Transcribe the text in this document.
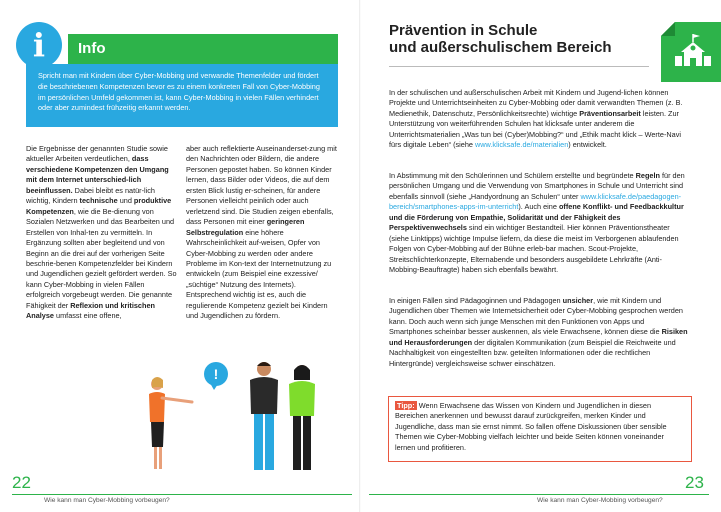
i	Info
Spricht man mit Kindern über Cyber-Mobbing und verwandte Themenfelder und fördert die beschriebenen Kompetenzen bevor es zu einem konkreten Fall von Cyber-Mobbing im persönlichen Umfeld gekommen ist, kann Cyber-Mobbing in vielen Fällen verhindert oder aber zumindest frühzeitig erkannt werden.
Die Ergebnisse der genannten Studie sowie aktueller Arbeiten verdeutlichen, dass verschiedene Kompetenzen den Umgang mit dem Internet unterschied-lich beeinflussen. Dabei bleibt es natür-lich wichtig, Kindern technische und produktive Kompetenzen, wie die Be-dienung von Sozialen Netzwerken und das Bearbeiten und Erstellen von Inhal-ten zu vermitteln. In Ergänzung sollten aber begleitend und von Beginn an die drei auf der vorherigen Seite beschrie-benen Kompetenzfelder bei Kindern und Jugendlichen gezielt gefördert werden. So kann Cyber-Mobbing in vielen Fällen erfolgreich vorgebeugt werden. Die genannte Fähigkeit der Reflexion und kritischen Analyse umfasst eine offene,
aber auch reflektierte Auseinanderset-zung mit den Nachrichten oder Bildern, die andere Personen gepostet haben. So können Kinder lernen, dass Bilder oder Videos, die auf dem ersten Blick lustig er-scheinen, für andere Personen vielleicht peinlich oder auch verletzend sind. Die Studien zeigen ebenfalls, dass Personen mit einer geringeren Selbstregulation eine höhere Wahrscheinlichkeit auf-weisen, Opfer von Cyber-Mobbing zu werden oder andere Probleme im Kon-text der Internetnutzung zu entwickeln (zum Beispiel eine exzessive/„süchtige“ Nutzung des Internets). Entsprechend wichtig ist es, auch die regulierende Kompetenz gezielt bei Kindern und Jugendlichen zu fördern.
!
22
Wie kann man Cyber-Mobbing vorbeugen?
Prävention in Schule
und außerschulischem Bereich
In der schulischen und außerschulischen Arbeit mit Kindern und Jugend-lichen können Projekte und Unterrichtseinheiten zu Cyber-Mobbing oder damit verwandten Themen (z. B. Medienethik, Datenschutz, Persönlichkeitsrechte) wichtige Präventionsarbeit leisten. Zur Unterstützung von weiterführenden Schulen hat klicksafe unter anderem die Unterrichtsmaterialien „Was tun bei (Cyber)Mobbing?“ und „Ethik macht klick – Werte-Navi fürs digitale Leben“ (siehe www.klicksafe.de/materialien) entwickelt.
In Abstimmung mit den Schülerinnen und Schülern erstellte und begründete Regeln für den persönlichen Umgang und die Verwendung von Smartphones in Schule und Unterricht sind ebenfalls sinnvoll (siehe „Handyordnung an Schulen“ unter www.klicksafe.de/paedagogen-bereich/smartphones-apps-im-unterricht). Auch eine offene Konflikt- und Feedbackkultur und die Förderung von Empathie, Solidarität und der Fähigkeit des Perspektivenwechsels sind ein wichtiger Bestandteil. Hier können Präventionstheater (siehe Linktipps) wichtige Impulse liefern, da diese die meist im Verborgenen ablaufenden Folgen von Cyber-Mobbing auf der Bühne erleb-bar machen. Scout-Projekte, Streitschlichterkonzepte, Elternabende und besonders ausgebildete Lehrkräfte (Anti-Mobbing-Beauftragte) haben sich ebenfalls bewährt.
In einigen Fällen sind Pädagoginnen und Pädagogen unsicher, wie mit Kindern und Jugendlichen über Themen wie Internetsicherheit oder Cyber-Mobbing gesprochen werden kann. Doch auch wenn sich junge Menschen mit den Funktionen von Apps und Smartphones scheinbar besser auskennen, als viele Erwachsene, können diese die Risiken und Herausforderungen der digitalen Kommunikation (zum Beispiel die Reichweite und Nachhaltigkeit von eingestellten bzw. geteilten Informationen oder die rechtlichen Hintergründe) vergleichsweise schwer einschätzen.
Tipp: Wenn Erwachsene das Wissen von Kindern und Jugendlichen in diesen Bereichen anerkennen und bewusst darauf zurückgreifen, merken Kinder und Jugendliche, dass man sie ernst nimmt. So fallen offene Diskussionen über sensible Themen wie Cyber-Mobbing vielfach leichter und beide Seiten können voneinander lernen und profitieren.
Wie kann man Cyber-Mobbing vorbeugen?
23
